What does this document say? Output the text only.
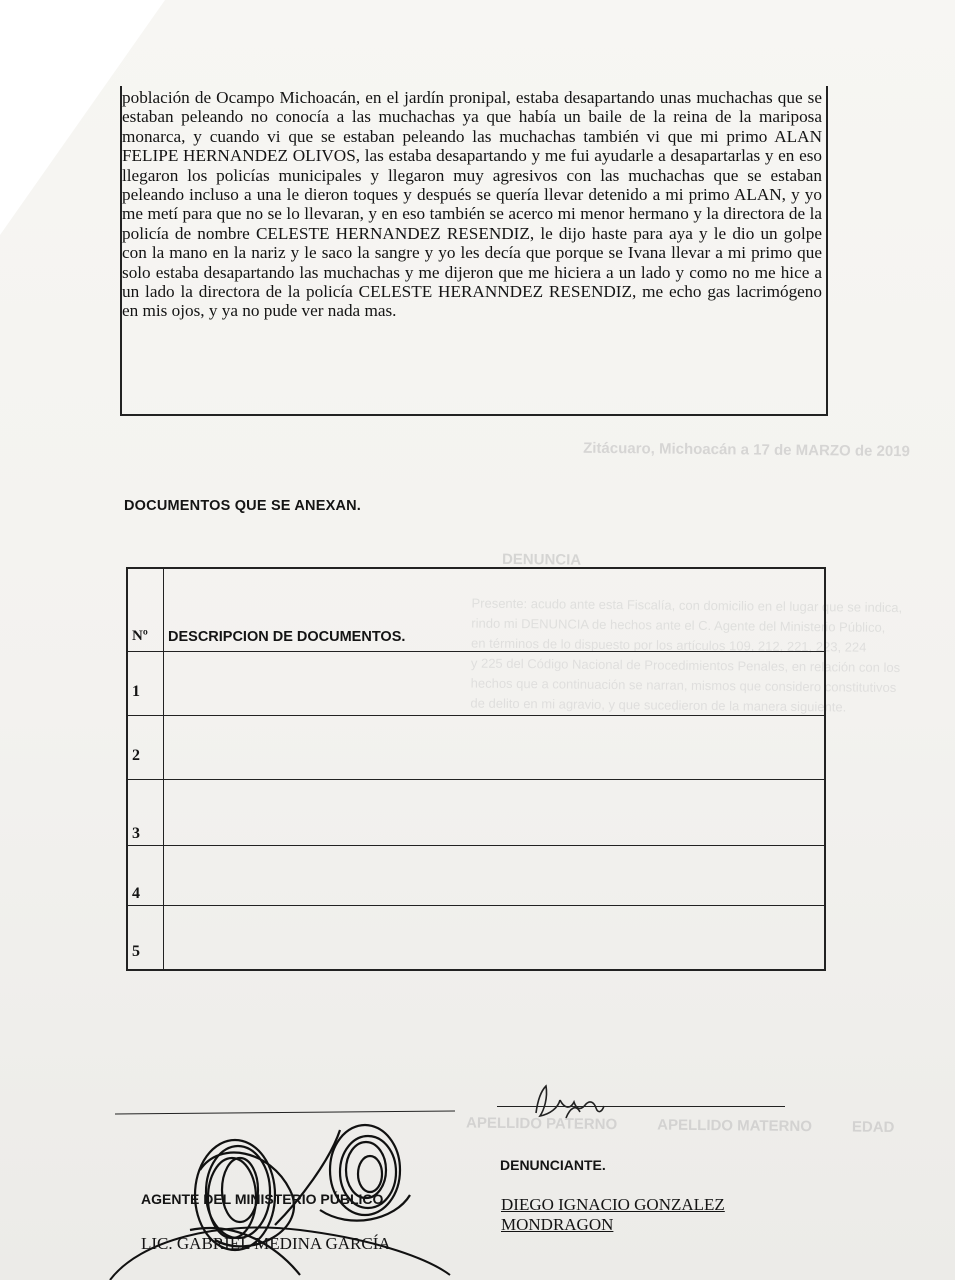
Zitácuaro, Michoacán a 17 de MARZO de 2019
DENUNCIA
Presente: acudo ante esta Fiscalía, con domicilio en el lugar que se indica,
rindo mi DENUNCIA de hechos ante el C. Agente del Ministerio Público,
en términos de lo dispuesto por los artículos 109, 212, 221, 223, 224
y 225 del Código Nacional de Procedimientos Penales, en relación con los
hechos que a continuación se narran, mismos que considero constitutivos
de delito en mi agravio, y que sucedieron de la manera siguiente.
APELLIDO PATERNO	APELLIDO MATERNO	EDAD

población de Ocampo Michoacán, en el jardín pronipal, estaba desapartando unas muchachas que se estaban peleando no conocía a las muchachas ya que había un baile de la reina de la mariposa monarca, y cuando vi que se estaban peleando las muchachas también vi que mi primo ALAN FELIPE HERNANDEZ OLIVOS, las estaba desapartando y me fui ayudarle a desapartarlas y en eso llegaron los policías municipales y llegaron muy agresivos con las muchachas que se estaban peleando incluso a una le dieron toques y después se quería llevar detenido a mi primo ALAN, y yo me metí para que no se lo llevaran, y en eso también se acerco mi menor hermano y la directora de la policía de nombre CELESTE HERNANDEZ RESENDIZ, le dijo haste para aya y le dio un golpe con la mano en la nariz y le saco la sangre y yo les decía que porque se Ivana llevar a mi primo que solo estaba desapartando las muchachas y me dijeron que me hiciera a un lado y como no me hice a un lado la directora de la policía CELESTE HERANNDEZ RESENDIZ, me echo gas lacrimógeno en mis ojos, y ya no pude ver nada mas.

DOCUMENTOS QUE SE ANEXAN.
Nº	DESCRIPCION DE DOCUMENTOS.
1	
2	
3	
4	
5	

AGENTE DEL MINISTERIO PÚBLICO

LIC. GABRIEL MEDINA GARCÍA

DENUNCIANTE.

DIEGO IGNACIO GONZALEZ

MONDRAGON
